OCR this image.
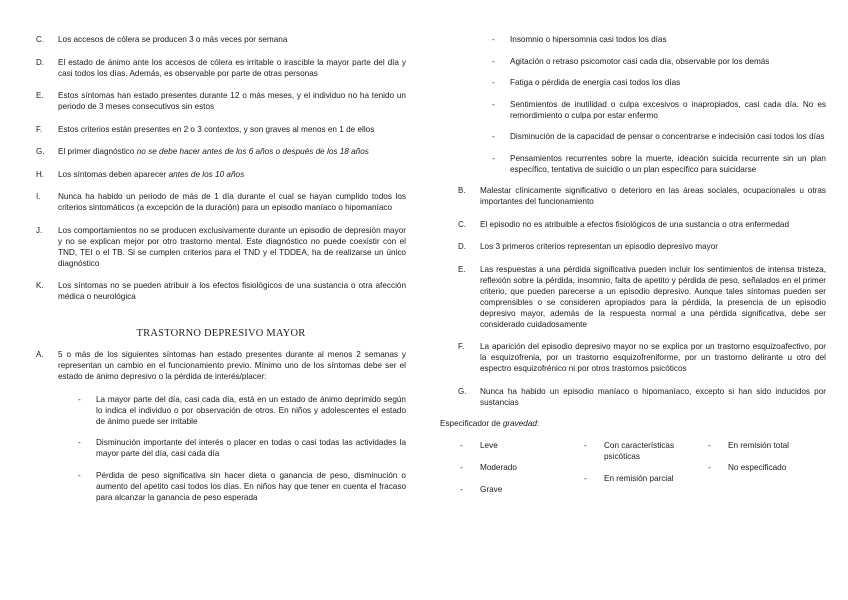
C.	Los accesos de cólera se producen 3 o más veces por semana
D.	El estado de ánimo ante los accesos de cólera es irritable o irascible la mayor parte del día y casi todos los días. Además, es observable por parte de otras personas
E.	Estos síntomas han estado presentes durante 12 o más meses, y el individuo no ha tenido un periodo de 3 meses consecutivos sin estos
F.	Estos criterios están presentes en 2 o 3 contextos, y son graves al menos en 1 de ellos
G.	El primer diagnóstico no se debe hacer antes de los 6 años o después de los 18 años
H.	Los síntomas deben aparecer antes de los 10 años
I.	Nunca ha habido un periodo de más de 1 día durante el cual se hayan cumplido todos los criterios sintomáticos (a excepción de la duración) para un episodio maníaco o hipomaníaco
J.	Los comportamientos no se producen exclusivamente durante un episodio de depresión mayor y no se explican mejor por otro trastorno mental. Este diagnóstico no puede coexistir con el TND, TEI o el TB. Si se cumplen criterios para el TND y el TDDEA, ha de realizarse un único diagnóstico
K.	Los síntomas no se pueden atribuir a los efectos fisiológicos de una sustancia o otra afección médica o neurológica
TRASTORNO DEPRESIVO MAYOR
A.	5 o más de los siguientes síntomas han estado presentes durante al menos 2 semanas y representan un cambio en el funcionamiento previo. Mínimo uno de los síntomas debe ser el estado de ánimo depresivo o la pérdida de interés/placer:
-	La mayor parte del día, casi cada día, está en un estado de ánimo deprimido según lo indica el individuo o por observación de otros. En niños y adolescentes el estado de ánimo puede ser irritable
-	Disminución importante del interés o placer en todas o casi todas las actividades la mayor parte del día, casi cada día
-	Pérdida de peso significativa sin hacer dieta o ganancia de peso, disminución o aumento del apetito casi todos los días. En niños hay que tener en cuenta el fracaso para alcanzar la ganancia de peso esperada
-	Insomnio o hipersomnia casi todos los días
-	Agitación o retraso psicomotor casi cada día, observable por los demás
-	Fatiga o pérdida de energía casi todos los días
-	Sentimientos de inutilidad o culpa excesivos o inapropiados, casi cada día. No es remordimiento o culpa por estar enfermo
-	Disminución de la capacidad de pensar o concentrarse e indecisión casi todos los días
-	Pensamientos recurrentes sobre la muerte, ideación suicida recurrente sin un plan específico, tentativa de suicidio o un plan específico para suicidarse
B.	Malestar clínicamente significativo o deterioro en las áreas sociales, ocupacionales u otras importantes del funcionamiento
C.	El episodio no es atribuible a efectos fisiológicos de una sustancia o otra enfermedad
D.	Los 3 primeros criterios representan un episodio depresivo mayor
E.	Las respuestas a una pérdida significativa pueden incluir los sentimientos de intensa tristeza, reflexión sobre la pérdida, insomnio, falta de apetito y pérdida de peso, señalados en el primer criterio, que pueden parecerse a un episodio depresivo. Aunque tales síntomas pueden ser comprensibles o se consideren apropiados para la pérdida, la presencia de un episodio depresivo mayor, además de la respuesta normal a una pérdida significativa, debe ser considerado cuidadosamente
F.	La aparición del episodio depresivo mayor no se explica por un trastorno esquizoafectivo, por la esquizofrenia, por un trastorno esquizofreniforme, por un trastorno delirante u otro del espectro esquizofrénico ni por otros trastornos psicóticos
G.	Nunca ha habido un episodio maníaco o hipomaníaco, excepto si han sido inducidos por sustancias
Especificador de gravedad:
-	Leve
-	Moderado
-	Grave
-	Con características psicóticas
-	En remisión parcial
-	En remisión total
-	No especificado
